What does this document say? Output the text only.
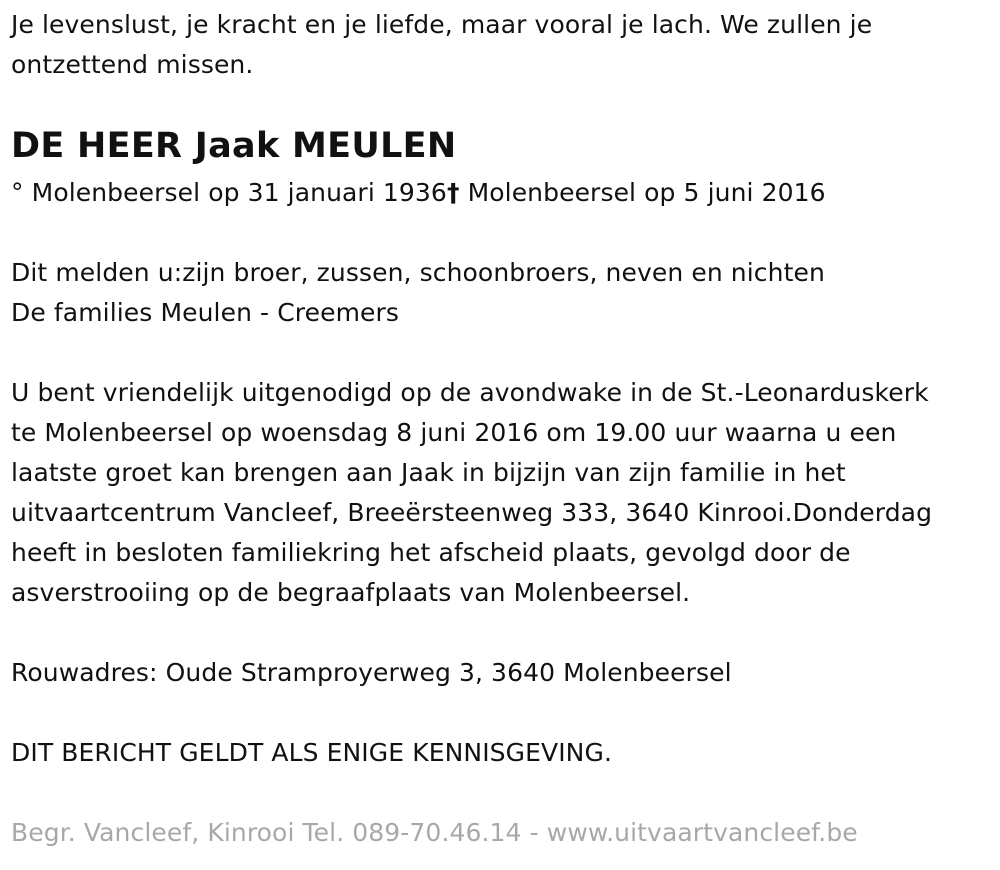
Je levenslust, je kracht en je liefde, maar vooral je lach. We zullen je
ontzettend missen.
DE HEER Jaak MEULEN
° Molenbeersel op 31 januari 1936† Molenbeersel op 5 juni 2016
Dit melden u:zijn broer, zussen, schoonbroers, neven en nichten
De families Meulen - Creemers
U bent vriendelijk uitgenodigd op de avondwake in de St.-Leonarduskerk
te Molenbeersel op woensdag 8 juni 2016 om 19.00 uur waarna u een
laatste groet kan brengen aan Jaak in bijzijn van zijn familie in het
uitvaartcentrum Vancleef, Breeërsteenweg 333, 3640 Kinrooi.Donderdag
heeft in besloten familiekring het afscheid plaats, gevolgd door de
asverstrooiing op de begraafplaats van Molenbeersel.
Rouwadres: Oude Stramproyerweg 3, 3640 Molenbeersel
DIT BERICHT GELDT ALS ENIGE KENNISGEVING.
Begr. Vancleef, Kinrooi Tel. 089-70.46.14 - www.uitvaartvancleef.be
